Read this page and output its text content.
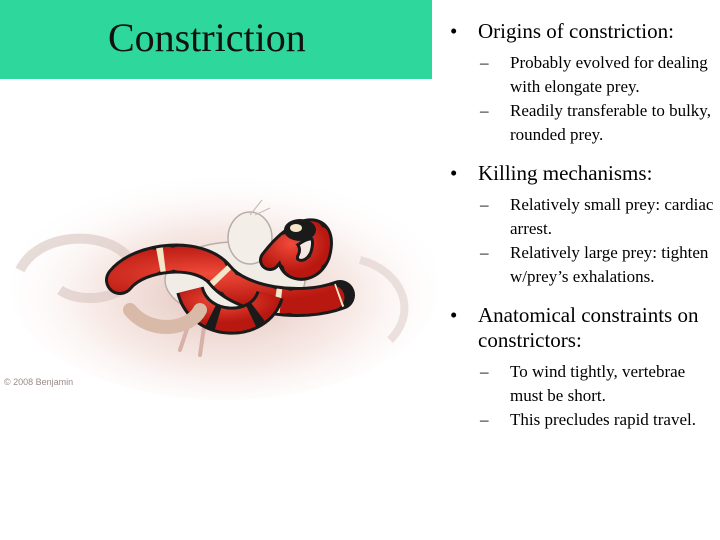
Constriction
© 2008 Benjamin
• Origins of constriction:
– Probably evolved for dealing with elongate prey.
– Readily transferable to bulky, rounded prey.
• Killing mechanisms:
– Relatively small prey: cardiac arrest.
– Relatively large prey: tighten w/prey’s exhalations.
• Anatomical constraints on constrictors:
– To wind tightly, vertebrae must be short.
– This precludes rapid travel.
